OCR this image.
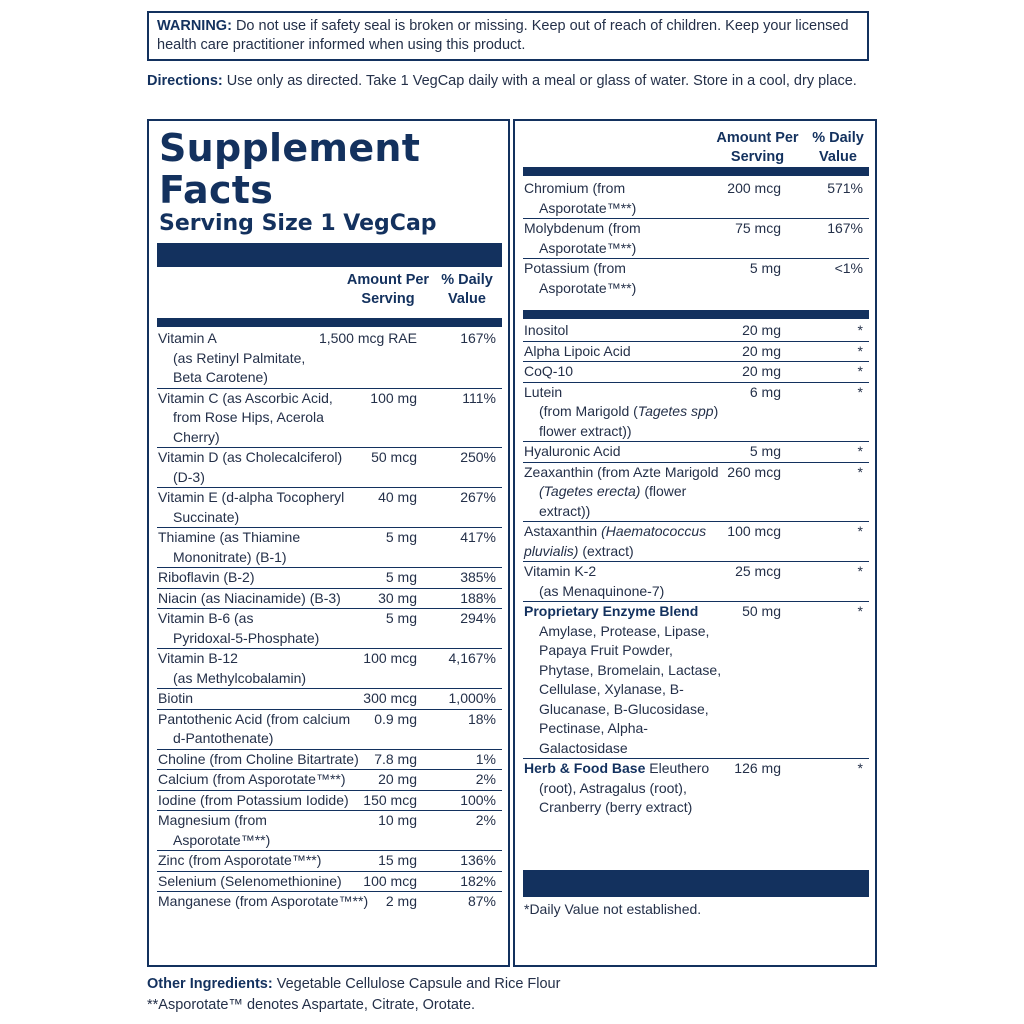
WARNING: Do not use if safety seal is broken or missing. Keep out of reach of children. Keep your licensed health care practitioner informed when using this product.
Directions: Use only as directed. Take 1 VegCap daily with a meal or glass of water. Store in a cool, dry place.
Supplement
Facts
Serving Size 1 VegCap
Amount Per Serving
% Daily Value
Vitamin A
(as Retinyl Palmitate, Beta Carotene)
1,500 mcg RAE	167%
Vitamin C (as Ascorbic Acid,
from Rose Hips, Acerola Cherry)
100 mg	111%
Vitamin D (as Cholecalciferol)
(D-3)
50 mcg	250%
Vitamin E (d-alpha Tocopheryl
Succinate)
40 mg	267%
Thiamine (as Thiamine
Mononitrate) (B-1)
5 mg	417%
Riboflavin (B-2)	5 mg	385%
Niacin (as Niacinamide) (B-3)	30 mg	188%
Vitamin B-6 (as
Pyridoxal-5-Phosphate)
5 mg	294%
Vitamin B-12
(as Methylcobalamin)
100 mcg 4,167%
Biotin	300 mcg 1,000%
Pantothenic Acid (from calcium
d-Pantothenate)
0.9 mg	18%
Choline (from Choline Bitartrate)	7.8 mg	1%
Calcium (from Asporotate™**)	20 mg	2%
Iodine (from Potassium Iodide)	150 mcg	100%
Magnesium (from
Asporotate™**)
10 mg	2%
Zinc (from Asporotate™**)	15 mg	136%
Selenium (Selenomethionine)	100 mcg	182%
Manganese (from Asporotate™**)	2 mg	87%
Amount Per Serving
% Daily Value
Chromium (from
Asporotate™**)
200 mcg	571%
Molybdenum (from
Asporotate™**)
75 mcg	167%
Potassium (from
Asporotate™**)
5 mg	<1%
Inositol	20 mg	*
Alpha Lipoic Acid	20 mg	*
CoQ-10	20 mg	*
Lutein
(from Marigold (Tagetes spp) flower extract))
6 mg	*
Hyaluronic Acid	5 mg	*
Zeaxanthin (from Azte Marigold
(Tagetes erecta) (flower extract))
260 mcg	*
Astaxanthin (Haematococcus pluvialis) (extract)
100 mcg	*
Vitamin K-2
(as Menaquinone-7)
25 mcg	*
Proprietary Enzyme Blend
Amylase, Protease, Lipase, Papaya Fruit Powder, Phytase, Bromelain, Lactase, Cellulase, Xylanase, B-Glucanase, B-Glucosidase, Pectinase, Alpha-Galactosidase
50 mg	*
Herb & Food Base Eleuthero
(root), Astragalus (root), Cranberry (berry extract)
126 mg	*
*Daily Value not established.
Other Ingredients: Vegetable Cellulose Capsule and Rice Flour
**Asporotate™ denotes Aspartate, Citrate, Orotate.
